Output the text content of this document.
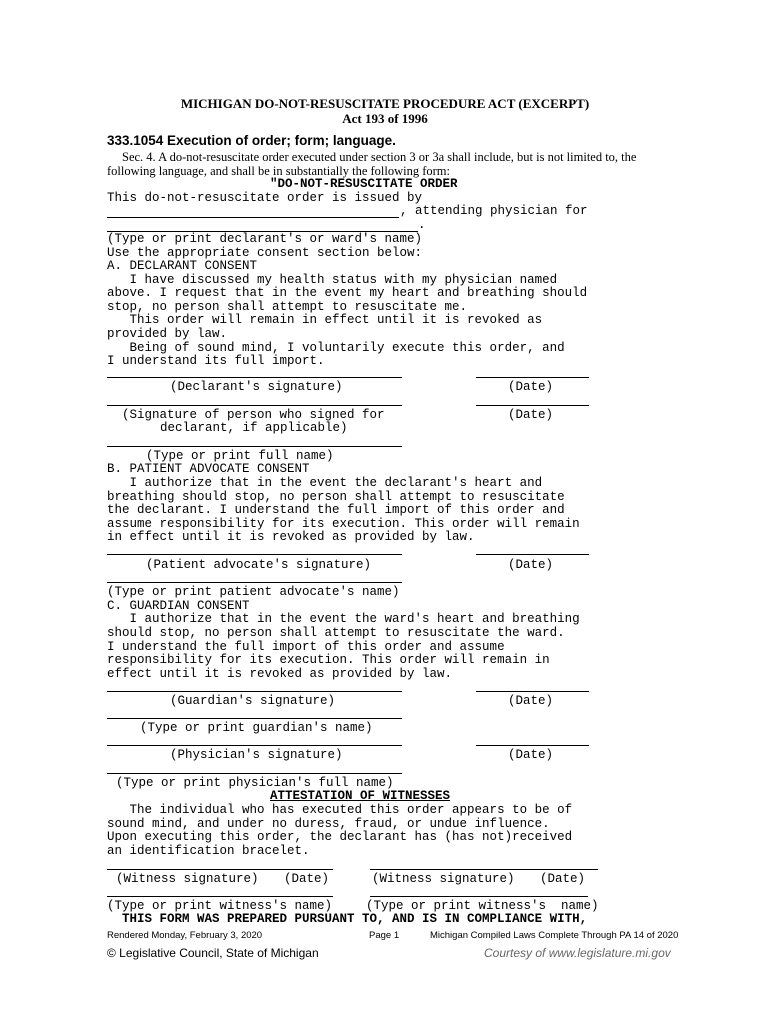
MICHIGAN DO-NOT-RESUSCITATE PROCEDURE ACT (EXCERPT)
Act 193 of 1996
333.1054 Execution of order; form; language.
Sec. 4. A do-not-resuscitate order executed under section 3 or 3a shall include, but is not limited to, the
following language, and shall be in substantially the following form:
"DO-NOT-RESUSCITATE ORDER
This do-not-resuscitate order is issued by
, attending physician for
.
(Type or print declarant's or ward's name)
Use the appropriate consent section below:
A. DECLARANT CONSENT
I have discussed my health status with my physician named
above. I request that in the event my heart and breathing should
stop, no person shall attempt to resuscitate me.
This order will remain in effect until it is revoked as
provided by law.
Being of sound mind, I voluntarily execute this order, and
I understand its full import.
(Declarant's signature)	(Date)
(Signature of person who signed for	(Date)
declarant, if applicable)
(Type or print full name)
B. PATIENT ADVOCATE CONSENT
I authorize that in the event the declarant's heart and
breathing should stop, no person shall attempt to resuscitate
the declarant. I understand the full import of this order and
assume responsibility for its execution. This order will remain
in effect until it is revoked as provided by law.
(Patient advocate's signature)	(Date)
(Type or print patient advocate's name)
C. GUARDIAN CONSENT
I authorize that in the event the ward's heart and breathing
should stop, no person shall attempt to resuscitate the ward.
I understand the full import of this order and assume
responsibility for its execution. This order will remain in
effect until it is revoked as provided by law.
(Guardian's signature)	(Date)
(Type or print guardian's name)
(Physician's signature)	(Date)
(Type or print physician's full name)
ATTESTATION OF WITNESSES
The individual who has executed this order appears to be of
sound mind, and under no duress, fraud, or undue influence.
Upon executing this order, the declarant has (has not)received
an identification bracelet.
(Witness signature) (Date)	(Witness signature) (Date)
(Type or print witness's name)	(Type or print witness's  name)
THIS FORM WAS PREPARED PURSUANT TO, AND IS IN COMPLIANCE WITH,
Rendered Monday, February 3, 2020	Page 1	Michigan Compiled Laws Complete Through PA 14 of 2020
© Legislative Council, State of Michigan	Courtesy of www.legislature.mi.gov
